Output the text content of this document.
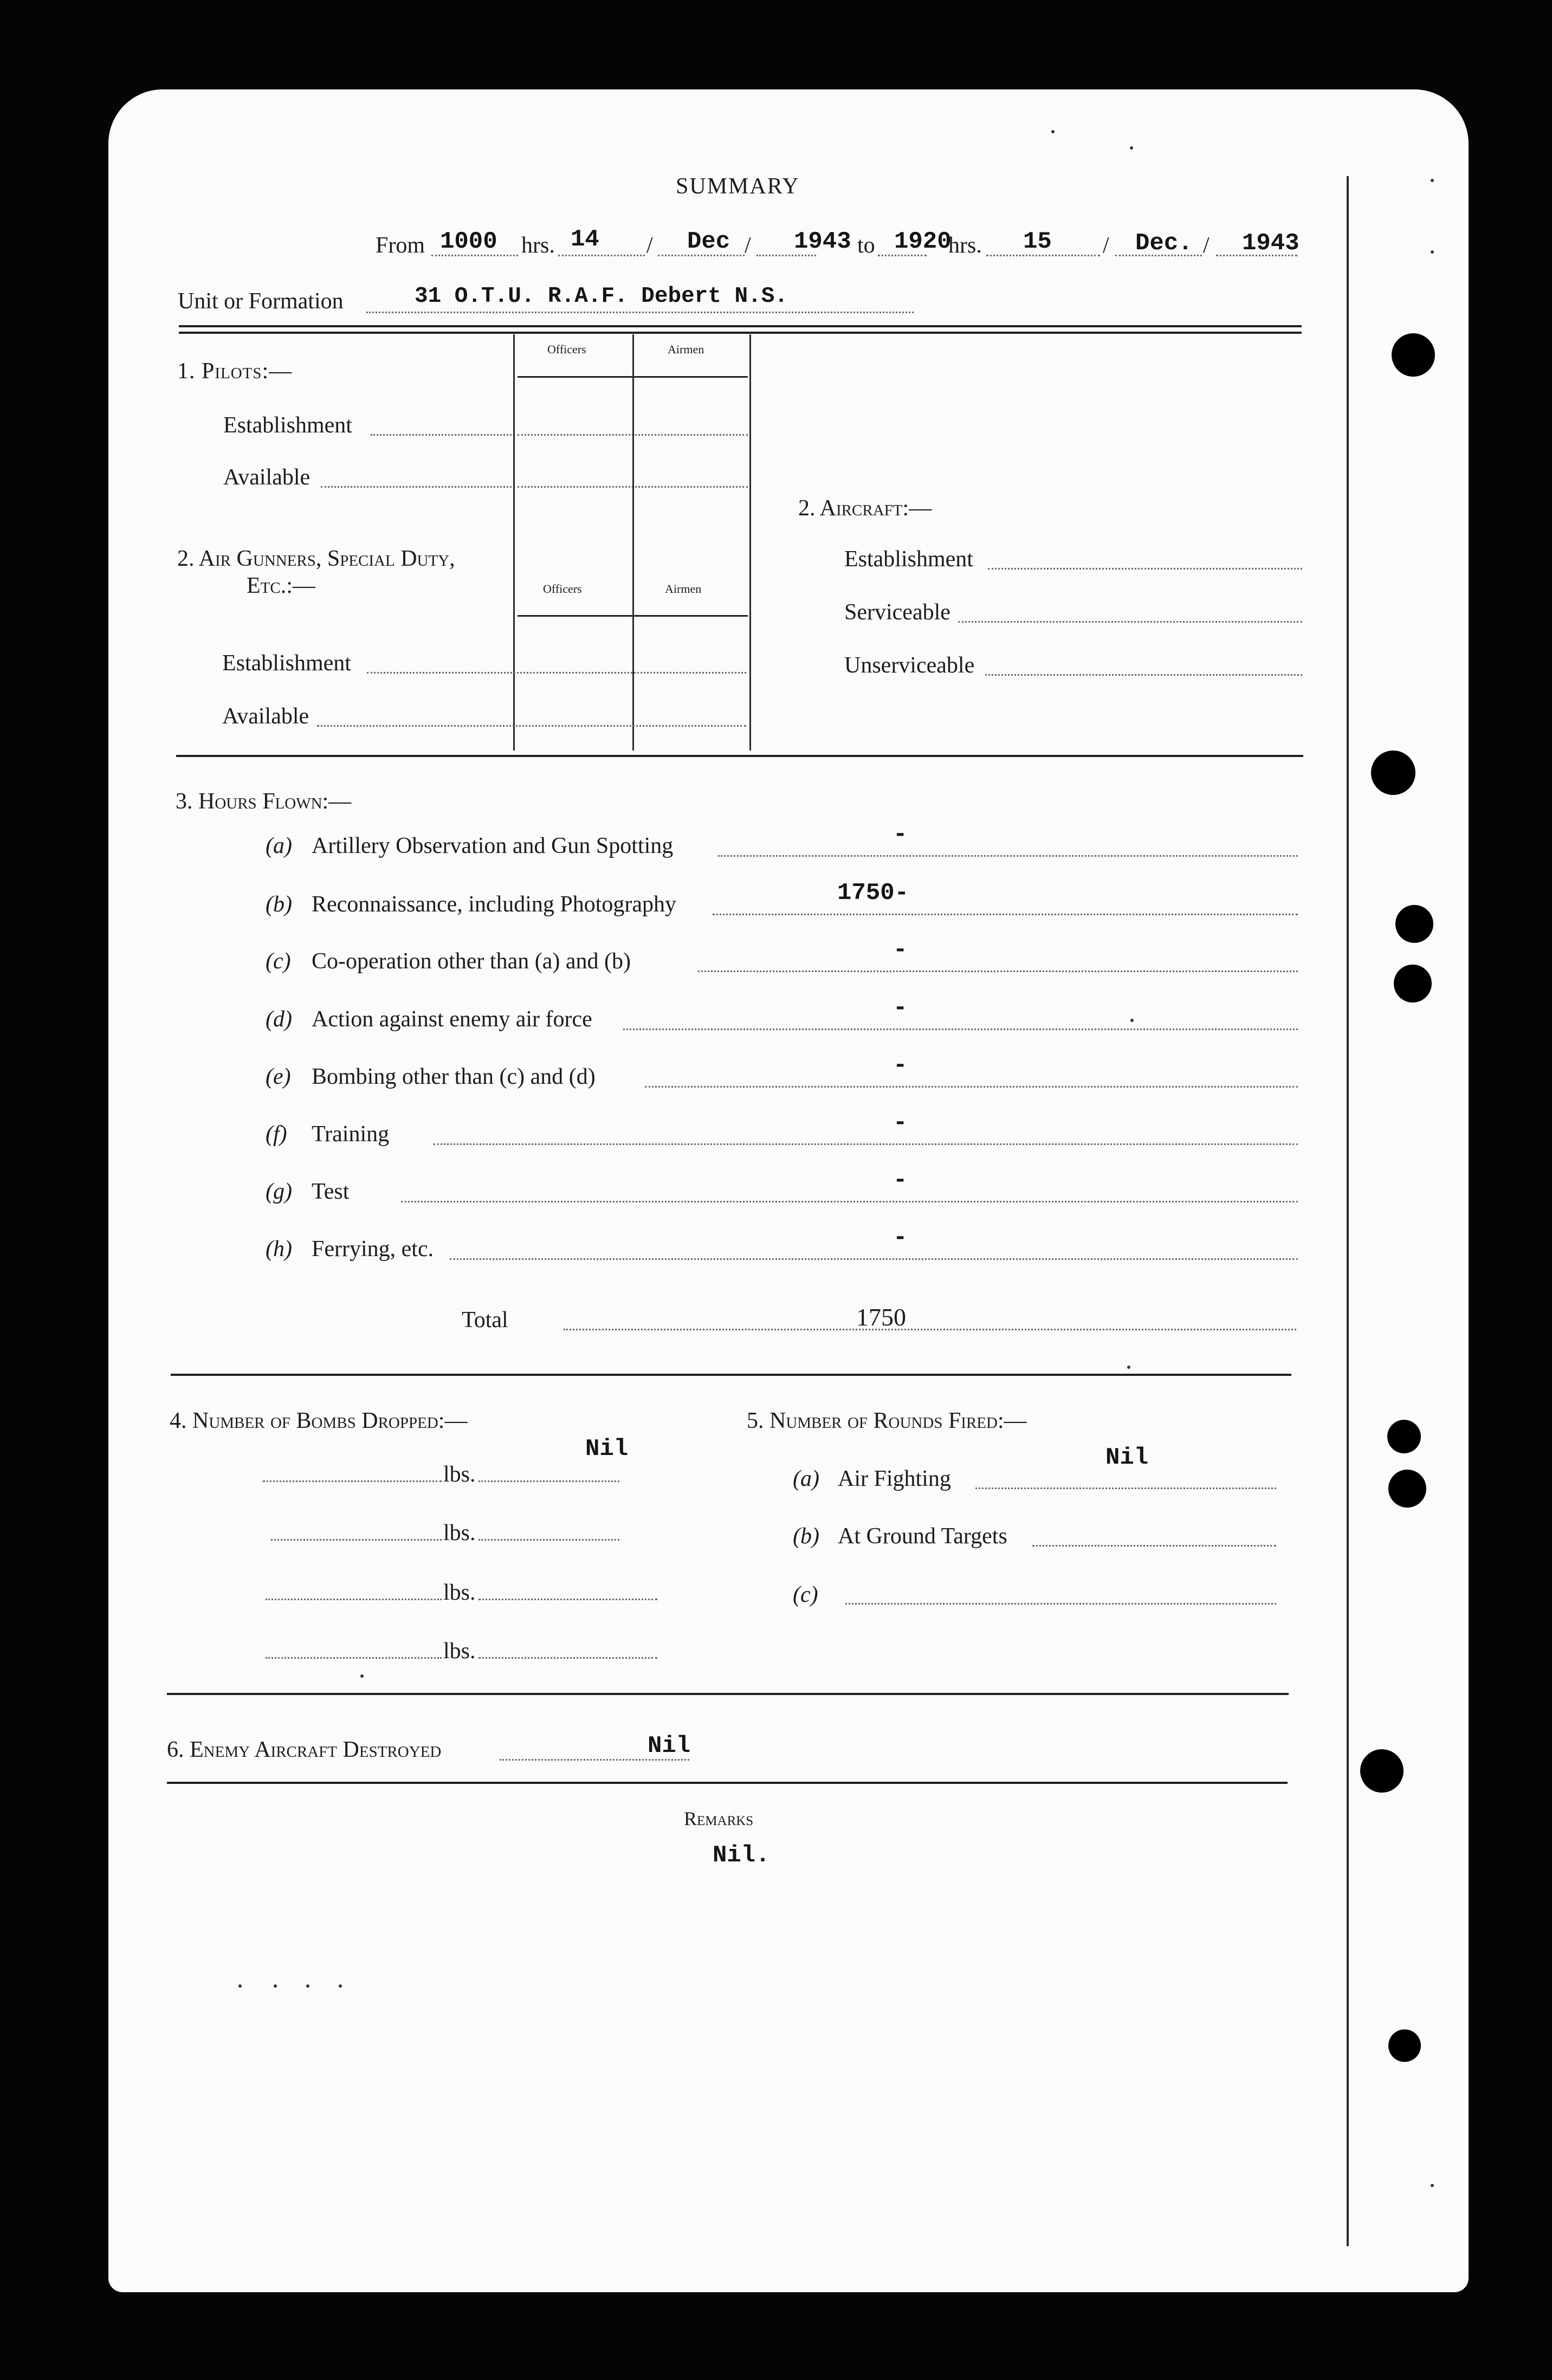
SUMMARY
From 1000 hrs. 14 / Dec / 1943 to 1920
hrs. 15 / Dec. / 1943
Unit or Formation	31 O.T.U. R.A.F. Debert N.S.
1. Pilots:—
Establishment
Available
Officers	Airmen
2. Air Gunners, Special Duty,
Etc.:—	Officers	Airmen
Establishment
Available
2. Aircraft:—
Establishment
Serviceable
Unserviceable
3. Hours Flown:—
(a) Artillery Observation and Gun Spotting	-
(b) Reconnaissance, including Photography	1750-
(c) Co-operation other than (a) and (b)	-
(d) Action against enemy air force	-
(e) Bombing other than (c) and (d)	-
(f) Training	-
(g) Test	-
(h) Ferrying, etc.	-
Total	1750
4. Number of Bombs Dropped:—
Nil
lbs.
lbs.
lbs.
lbs.
5. Number of Rounds Fired:—
Nil
(a) Air Fighting
(b) At Ground Targets
(c)
6. Enemy Aircraft Destroyed	Nil
Remarks
Nil.
